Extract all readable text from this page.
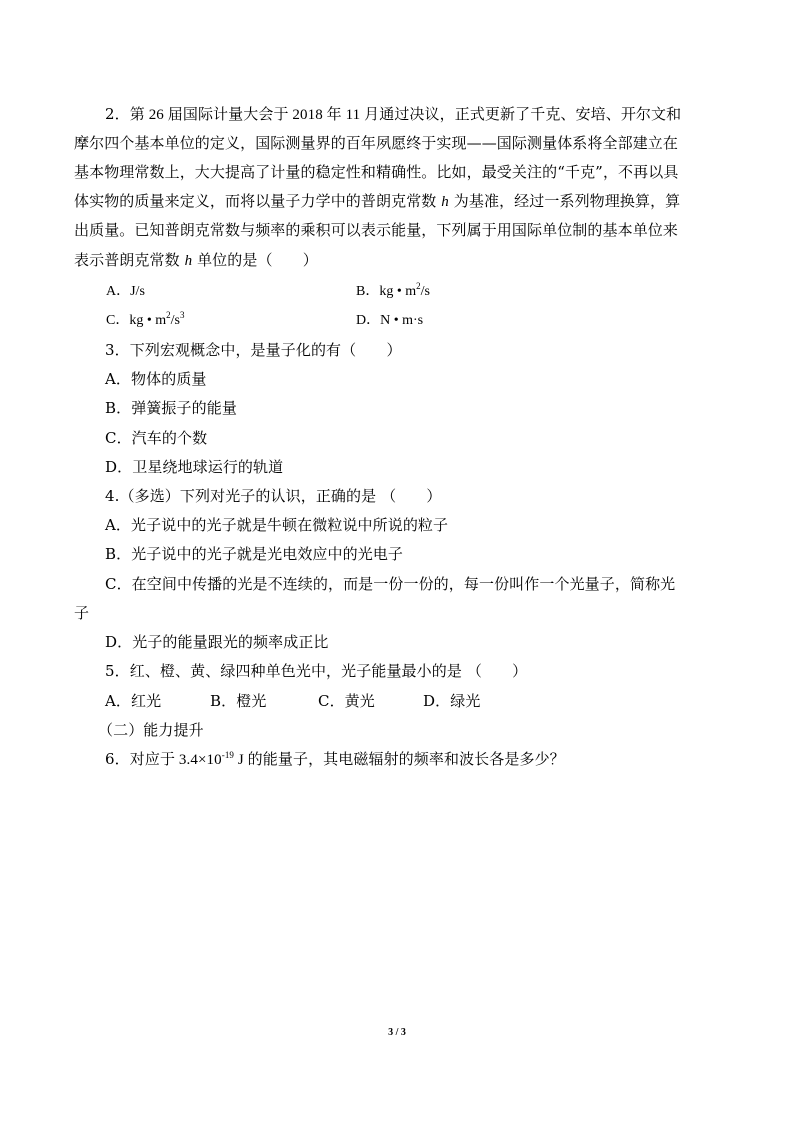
2．第 26 届国际计量大会于 2018 年 11 月通过决议，正式更新了千克、安培、开尔文和
摩尔四个基本单位的定义，国际测量界的百年夙愿终于实现——国际测量体系将全部建立在
基本物理常数上，大大提高了计量的稳定性和精确性。比如，最受关注的“千克”，不再以具
体实物的质量来定义，而将以量子力学中的普朗克常数 h 为基准，经过一系列物理换算，算
出质量。已知普朗克常数与频率的乘积可以表示能量，下列属于用国际单位制的基本单位来
表示普朗克常数 h 单位的是（　　）
A．J/s	B．kg • $m^2/s$
C．kg • $m^2/s^3$	D．N • m·s
3．下列宏观概念中，是量子化的有（　　）
A．物体的质量
B．弹簧振子的能量
C．汽车的个数
D．卫星绕地球运行的轨道
4.（多选）下列对光子的认识，正确的是 （　　）
A．光子说中的光子就是牛顿在微粒说中所说的粒子
B．光子说中的光子就是光电效应中的光电子
C．在空间中传播的光是不连续的，而是一份一份的，每一份叫作一个光量子，简称光
子
D．光子的能量跟光的频率成正比
5．红、橙、黄、绿四种单色光中，光子能量最小的是 （　　）
A．红光	B．橙光	C．黄光	D．绿光
（二）能力提升
6．对应于 $3.4\times 10^{-19}$ J 的能量子，其电磁辐射的频率和波长各是多少？
3 / 3
